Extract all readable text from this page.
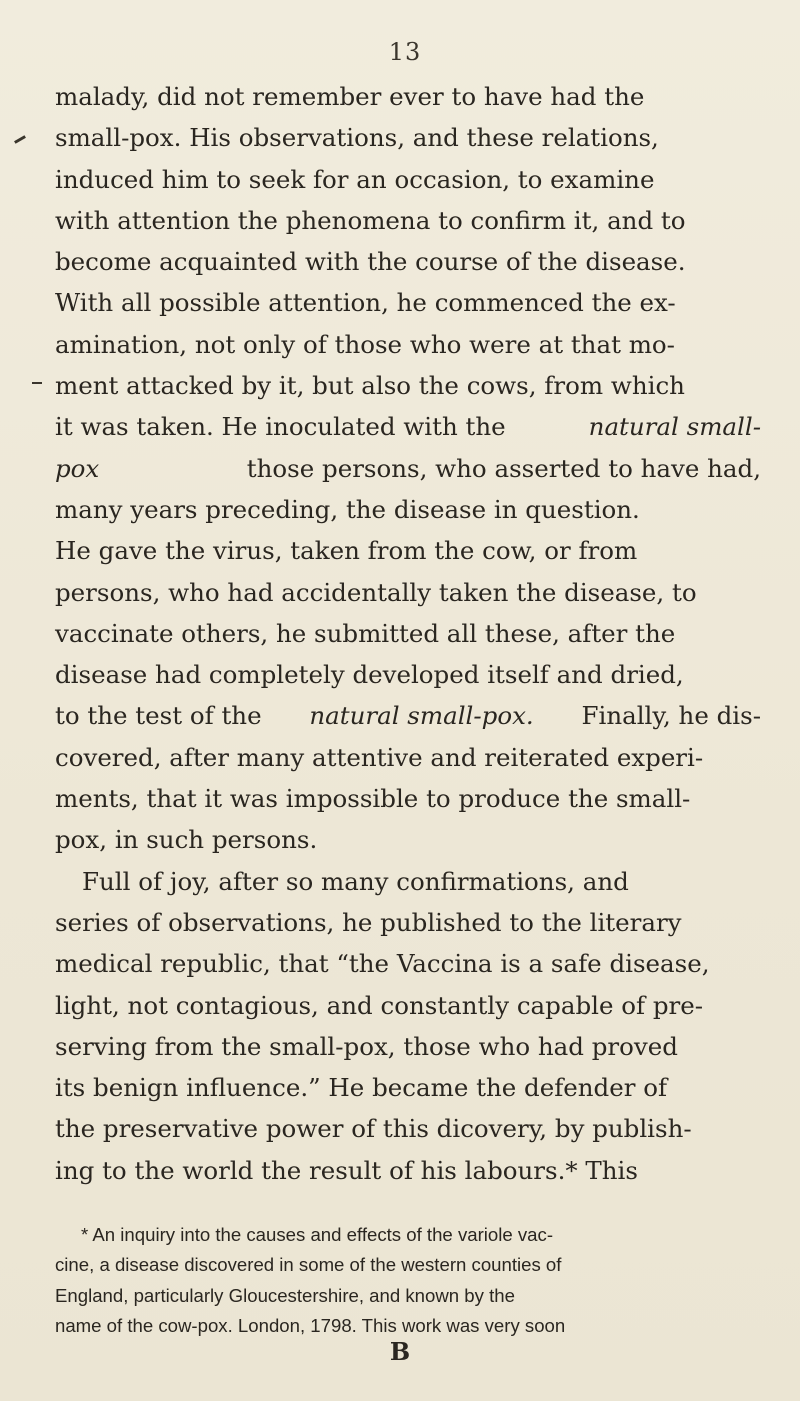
13
malady, did not remember ever to have had the
small-pox. His observations, and these relations,
induced him to seek for an occasion, to examine
with attention the phenomena to confirm it, and to
become acquainted with the course of the disease.
With all possible attention, he commenced the ex-
amination, not only of those who were at that mo-
ment attacked by it, but also the cows, from which
it was taken. He inoculated with the	natural small-
pox	those persons, who asserted to have had,
many years preceding, the disease in question.
He gave the virus, taken from the cow, or from
persons, who had accidentally taken the disease, to
vaccinate others, he submitted all these, after the
disease had completely developed itself and dried,
to the test of the natural small-pox. Finally, he dis-
covered, after many attentive and reiterated experi-
ments, that it was impossible to produce the small-
pox, in such persons.
Full of joy, after so many confirmations, and
series of observations, he published to the literary
medical republic, that “the Vaccina is a safe disease,
light, not contagious, and constantly capable of pre-
serving from the small-pox, those who had proved
its benign influence.” He became the defender of
the preservative power of this dicovery, by publish-
ing to the world the result of his labours.* This
* An inquiry into the causes and effects of the variole vac-
cine, a disease discovered in some of the western counties of
England, particularly Gloucestershire, and known by the
name of the cow-pox. London, 1798. This work was very soon
B
